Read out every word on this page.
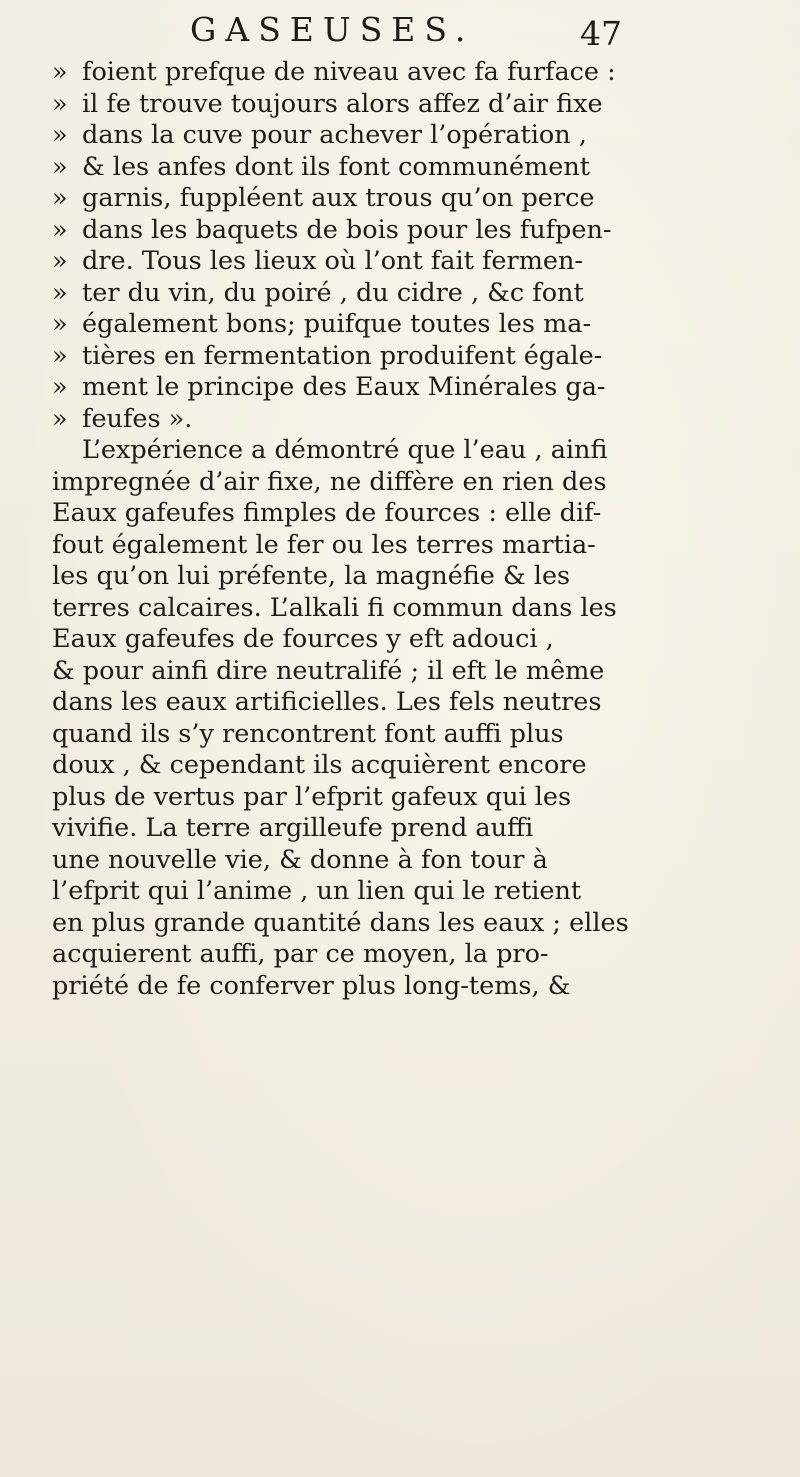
GASEUSES.	47
» foient prefque de niveau avec fa furface :
» il fe trouve toujours alors affez d’air fixe
» dans la cuve pour achever l’opération ,
» & les anfes dont ils font communément
» garnis, fuppléent aux trous qu’on perce
» dans les baquets de bois pour les fufpen-
» dre. Tous les lieux où l’ont fait fermen-
» ter du vin, du poiré , du cidre , &c font
» également bons; puifque toutes les ma-
» tières en fermentation produifent égale-
» ment le principe des Eaux Minérales ga-
» feufes ».
L’expérience a démontré que l’eau , ainfi
impregnée d’air fixe, ne diffère en rien des
Eaux gafeufes fimples de fources : elle dif-
fout également le fer ou les terres martia-
les qu’on lui préfente, la magnéfie & les
terres calcaires. L’alkali fi commun dans les
Eaux gafeufes de fources y eft adouci ,
& pour ainfi dire neutralifé ; il eft le même
dans les eaux artificielles. Les fels neutres
quand ils s’y rencontrent font auffi plus
doux , & cependant ils acquièrent encore
plus de vertus par l’efprit gafeux qui les
vivifie. La terre argilleufe prend auffi
une nouvelle vie, & donne à fon tour à
l’efprit qui l’anime , un lien qui le retient
en plus grande quantité dans les eaux ; elles
acquierent auffi, par ce moyen, la pro-
priété de fe conferver plus long-tems, &
